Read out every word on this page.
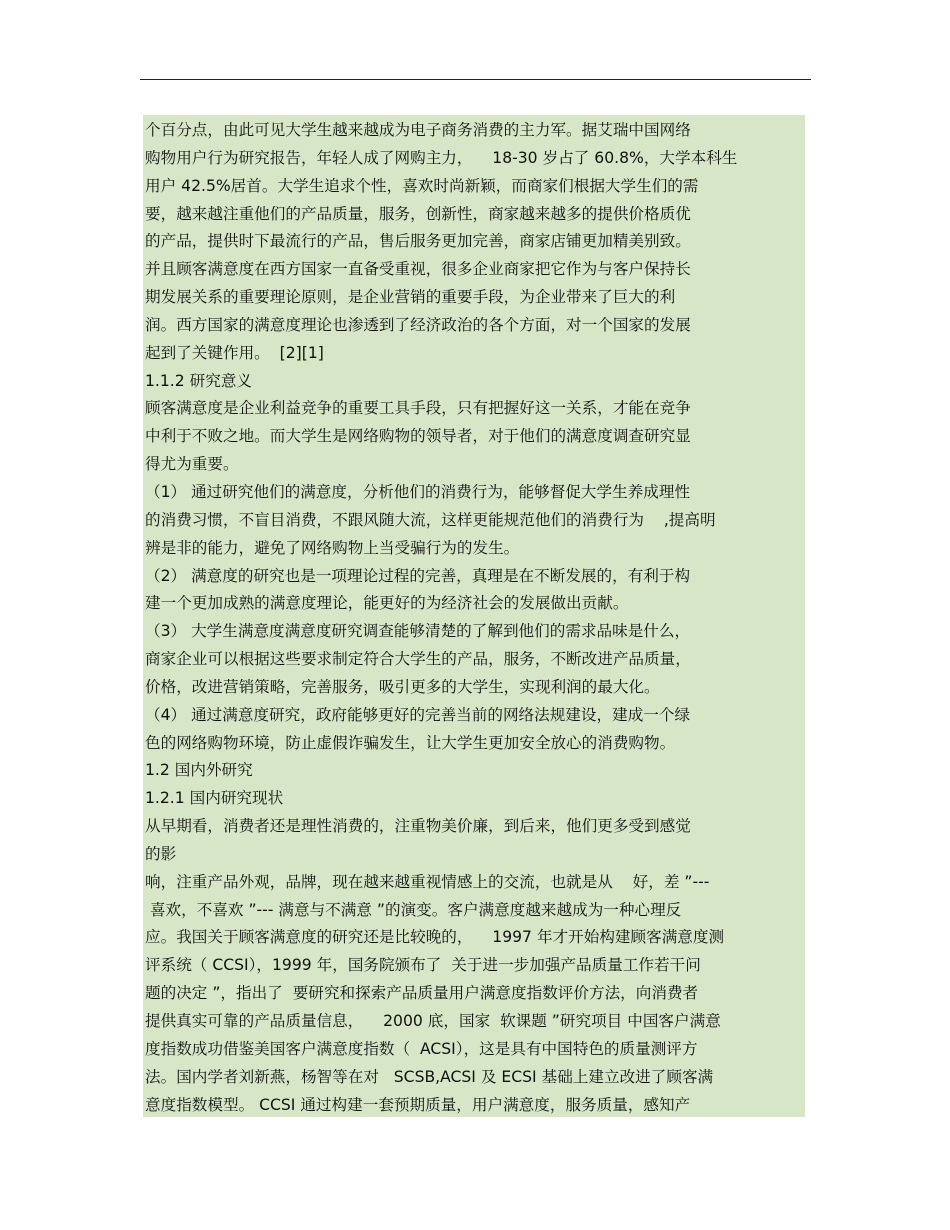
个百分点，由此可见大学生越来越成为电子商务消费的主力军。据艾瑞中国网络
购物用户行为研究报告，年轻人成了网购主力，    18-30 岁占了 60.8%，大学本科生
用户 42.5%居首。大学生追求个性，喜欢时尚新颖，而商家们根据大学生们的需
要，越来越注重他们的产品质量，服务，创新性，商家越来越多的提供价格质优
的产品，提供时下最流行的产品，售后服务更加完善，商家店铺更加精美别致。
并且顾客满意度在西方国家一直备受重视，很多企业商家把它作为与客户保持长
期发展关系的重要理论原则，是企业营销的重要手段，为企业带来了巨大的利
润。西方国家的满意度理论也渗透到了经济政治的各个方面，对一个国家的发展
起到了关键作用。  [2][1]
1.1.2 研究意义
顾客满意度是企业利益竞争的重要工具手段，只有把握好这一关系，才能在竞争
中利于不败之地。而大学生是网络购物的领导者，对于他们的满意度调查研究显
得尤为重要。
（1） 通过研究他们的满意度，分析他们的消费行为，能够督促大学生养成理性
的消费习惯，不盲目消费，不跟风随大流，这样更能规范他们的消费行为    ,提高明
辨是非的能力，避免了网络购物上当受骗行为的发生。
（2） 满意度的研究也是一项理论过程的完善，真理是在不断发展的，有利于构
建一个更加成熟的满意度理论，能更好的为经济社会的发展做出贡献。
（3） 大学生满意度满意度研究调查能够清楚的了解到他们的需求品味是什么，
商家企业可以根据这些要求制定符合大学生的产品，服务，不断改进产品质量，
价格，改进营销策略，完善服务，吸引更多的大学生，实现利润的最大化。
（4） 通过满意度研究，政府能够更好的完善当前的网络法规建设，建成一个绿
色的网络购物环境，防止虚假诈骗发生，让大学生更加安全放心的消费购物。
1.2 国内外研究
1.2.1 国内研究现状
从早期看，消费者还是理性消费的，注重物美价廉，到后来，他们更多受到感觉
的影
响，注重产品外观，品牌，现在越来越重视情感上的交流，也就是从    好，差 ”---
喜欢，不喜欢 ”--- 满意与不满意 ”的演变。客户满意度越来越成为一种心理反
应。我国关于顾客满意度的研究还是比较晚的，    1997 年才开始构建顾客满意度测
评系统（ CCSI），1999 年，国务院颁布了  关于进一步加强产品质量工作若干问
题的决定 ”，指出了  要研究和探索产品质量用户满意度指数评价方法，向消费者
提供真实可靠的产品质量信息，    2000 底，国家  软课题 ”研究项目 中国客户满意
度指数成功借鉴美国客户满意度指数（  ACSI），这是具有中国特色的质量测评方
法。国内学者刘新燕，杨智等在对   SCSB,ACSI 及 ECSI 基础上建立改进了顾客满
意度指数模型。 CCSI 通过构建一套预期质量，用户满意度，服务质量，感知产
